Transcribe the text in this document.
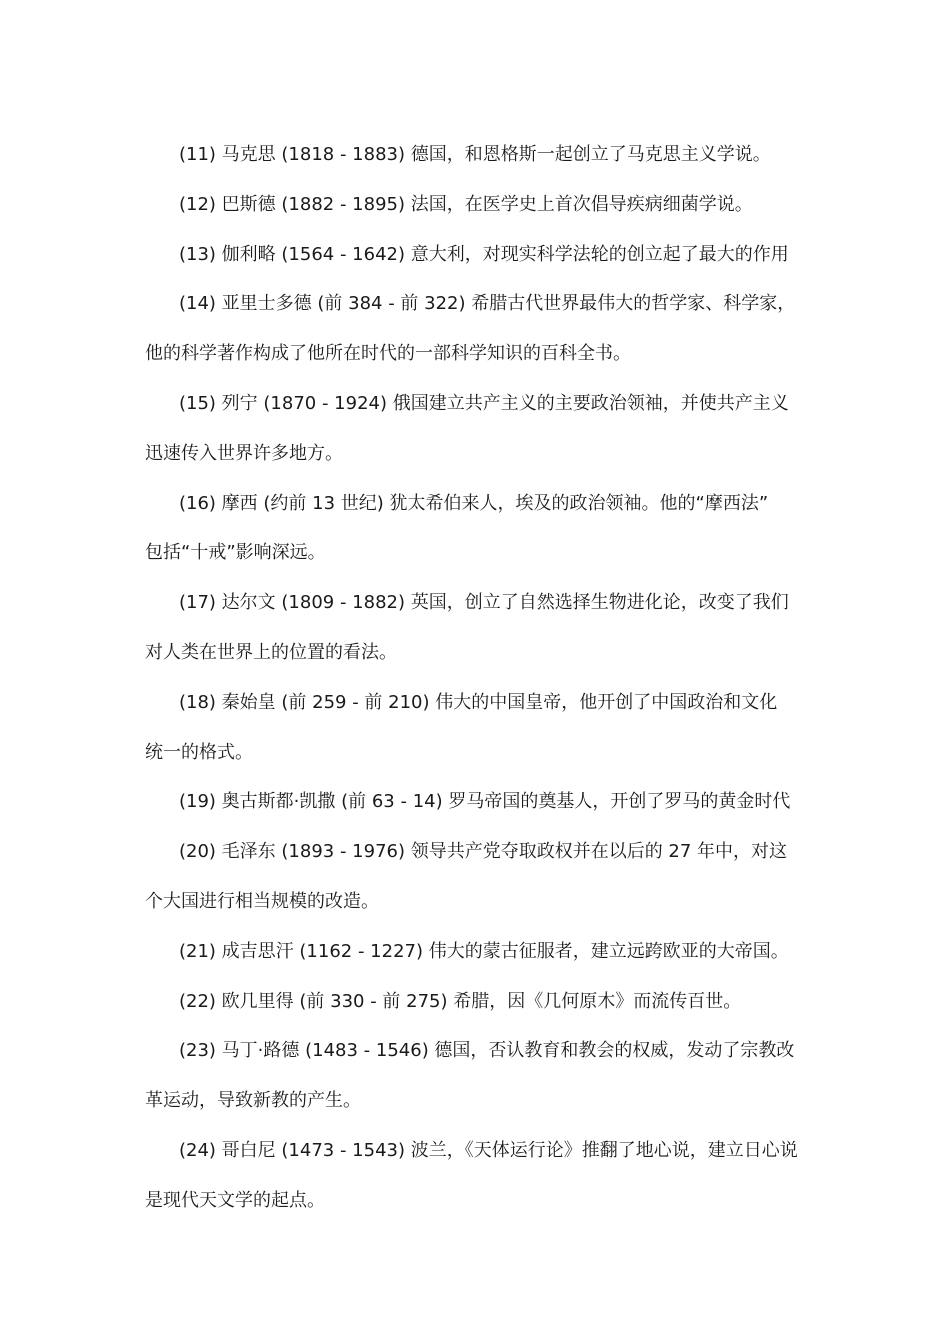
(11) 马克思 (1818 - 1883) 德国，和恩格斯一起创立了马克思主义学说。
(12) 巴斯德 (1882 - 1895) 法国，在医学史上首次倡导疾病细菌学说。
(13) 伽利略 (1564 - 1642) 意大利，对现实科学法轮的创立起了最大的作用
(14) 亚里士多德 (前 384 - 前 322) 希腊古代世界最伟大的哲学家、科学家，
他的科学著作构成了他所在时代的一部科学知识的百科全书。
(15) 列宁 (1870 - 1924) 俄国建立共产主义的主要政治领袖，并使共产主义
迅速传入世界许多地方。
(16) 摩西 (约前 13 世纪) 犹太希伯来人，埃及的政治领袖。他的“摩西法”
包括“十戒”影响深远。
(17) 达尔文 (1809 - 1882) 英国，创立了自然选择生物进化论，改变了我们
对人类在世界上的位置的看法。
(18) 秦始皇 (前 259 - 前 210) 伟大的中国皇帝，他开创了中国政治和文化
统一的格式。
(19) 奥古斯都·凯撒 (前 63 - 14) 罗马帝国的奠基人，开创了罗马的黄金时代
(20) 毛泽东 (1893 - 1976) 领导共产党夺取政权并在以后的 27 年中，对这
个大国进行相当规模的改造。
(21) 成吉思汗 (1162 - 1227) 伟大的蒙古征服者，建立远跨欧亚的大帝国。
(22) 欧几里得 (前 330 - 前 275) 希腊，因《几何原木》而流传百世。
(23) 马丁·路德 (1483 - 1546) 德国，否认教育和教会的权威，发动了宗教改
革运动，导致新教的产生。
(24) 哥白尼 (1473 - 1543) 波兰，《天体运行论》推翻了地心说，建立日心说
是现代天文学的起点。
